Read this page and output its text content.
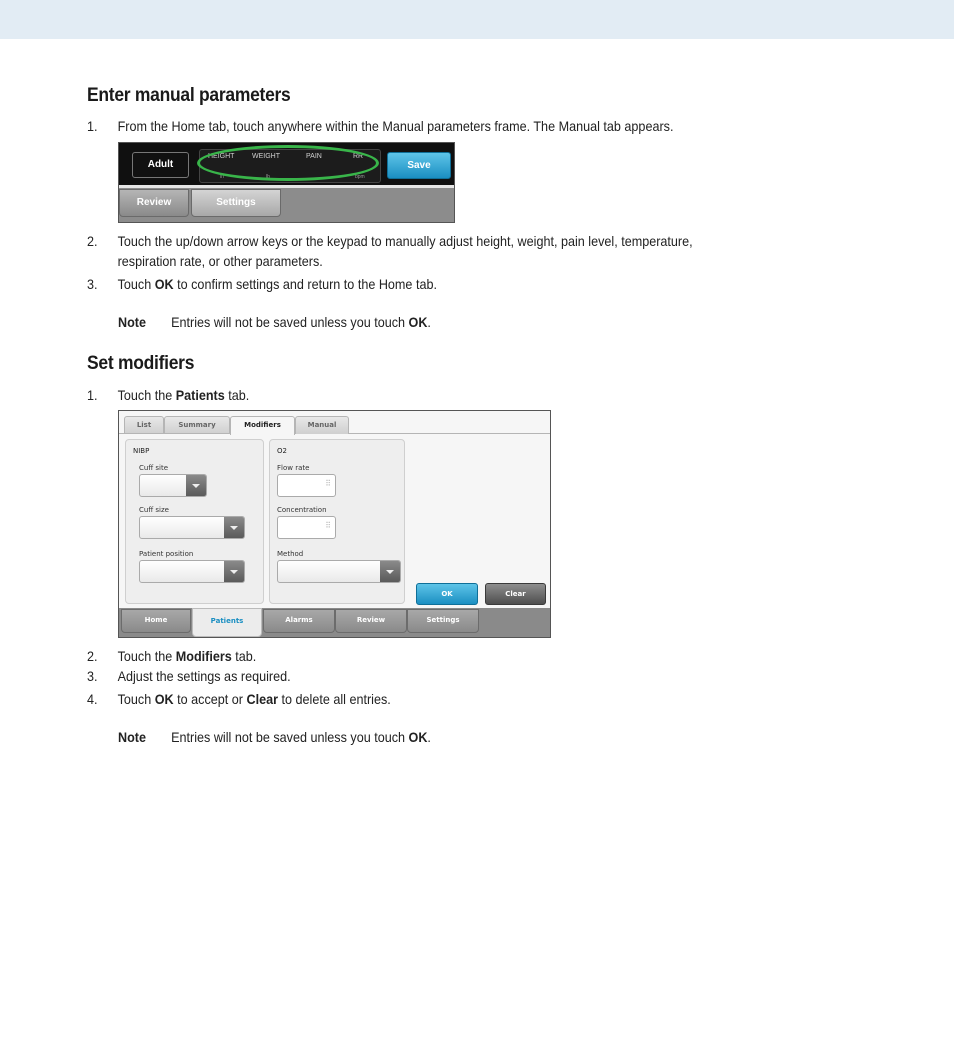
Enter manual parameters
1. From the Home tab, touch anywhere within the Manual parameters frame. The Manual tab appears.
Adult
HEIGHT	WEIGHT	PAIN	RR
in	lb	bpm
Save
Review	Settings
2. Touch the up/down arrow keys or the keypad to manually adjust height, weight, pain level, temperature,
respiration rate, or other parameters.
3. Touch OK to confirm settings and return to the Home tab.
Note Entries will not be saved unless you touch OK.
Set modifiers
1. Touch the Patients tab.
List	Summary	Modifiers	Manual
NIBP
Cuff site
Cuff size
Patient position
O2
Flow rate
⠿
Concentration
⠿
Method
OK	Clear
Home	Patients	Alarms	Review	Settings
2. Touch the Modifiers tab.
3. Adjust the settings as required.
4. Touch OK to accept or Clear to delete all entries.
Note Entries will not be saved unless you touch OK.
